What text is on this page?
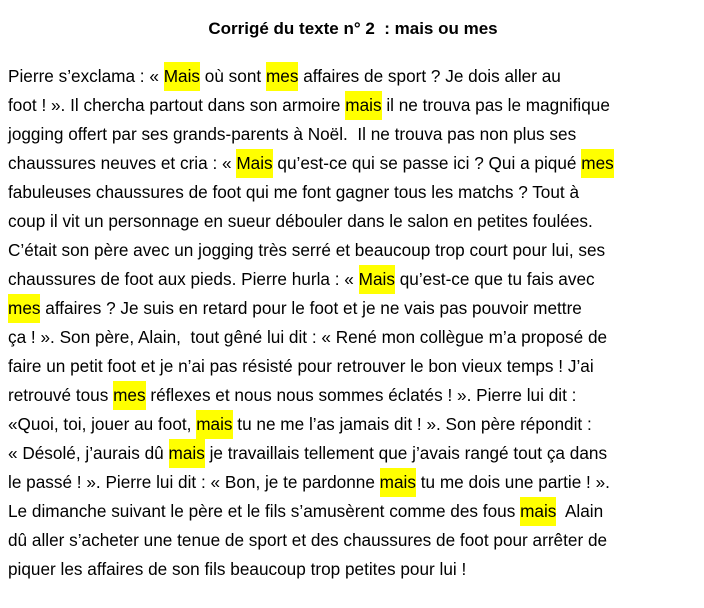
Corrigé du texte n° 2  : mais ou mes
Pierre s’exclama : « Mais où sont mes affaires de sport ? Je dois aller au
foot ! ». Il chercha partout dans son armoire mais il ne trouva pas le magnifique
jogging offert par ses grands-parents à Noël.  Il ne trouva pas non plus ses
chaussures neuves et cria : « Mais qu’est-ce qui se passe ici ? Qui a piqué mes
fabuleuses chaussures de foot qui me font gagner tous les matchs ? Tout à
coup il vit un personnage en sueur débouler dans le salon en petites foulées.
C’était son père avec un jogging très serré et beaucoup trop court pour lui, ses
chaussures de foot aux pieds. Pierre hurla : « Mais qu’est-ce que tu fais avec
mes affaires ? Je suis en retard pour le foot et je ne vais pas pouvoir mettre
ça ! ». Son père, Alain,  tout gêné lui dit : « René mon collègue m’a proposé de
faire un petit foot et je n’ai pas résisté pour retrouver le bon vieux temps ! J’ai
retrouvé tous mes réflexes et nous nous sommes éclatés ! ». Pierre lui dit :
«Quoi, toi, jouer au foot, mais tu ne me l’as jamais dit ! ». Son père répondit :
« Désolé, j’aurais dû mais je travaillais tellement que j’avais rangé tout ça dans
le passé ! ». Pierre lui dit : « Bon, je te pardonne mais tu me dois une partie ! ».
Le dimanche suivant le père et le fils s’amusèrent comme des fous mais Alain
dû aller s’acheter une tenue de sport et des chaussures de foot pour arrêter de
piquer les affaires de son fils beaucoup trop petites pour lui !
